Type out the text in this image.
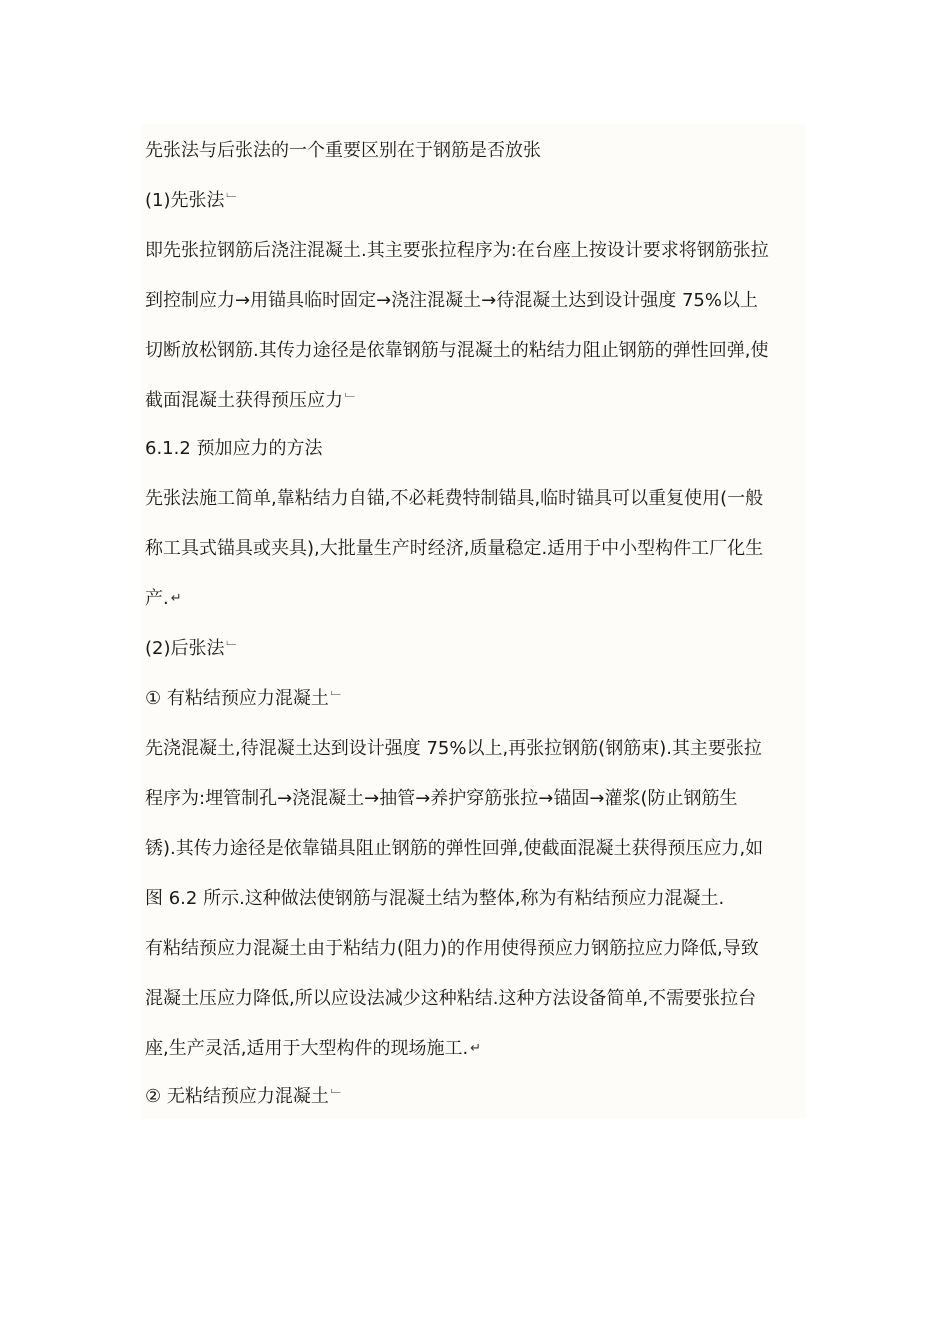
先张法与后张法的一个重要区别在于钢筋是否放张
(1)先张法 ﹂
即先张拉钢筋后浇注混凝土.其主要张拉程序为:在台座上按设计要求将钢筋张拉
到控制应力→用锚具临时固定→浇注混凝土→待混凝土达到设计强度 75%以上
切断放松钢筋.其传力途径是依靠钢筋与混凝土的粘结力阻止钢筋的弹性回弹,使
截面混凝土获得预压应力 ﹂
6.1.2 预加应力的方法
先张法施工简单,靠粘结力自锚,不必耗费特制锚具,临时锚具可以重复使用(一般
称工具式锚具或夹具),大批量生产时经济,质量稳定.适用于中小型构件工厂化生
产. ↵
(2)后张法 ﹂
① 有粘结预应力混凝土 ﹂
先浇混凝土,待混凝土达到设计强度 75%以上,再张拉钢筋(钢筋束).其主要张拉
程序为:埋管制孔→浇混凝土→抽管→养护穿筋张拉→锚固→灌浆(防止钢筋生
锈).其传力途径是依靠锚具阻止钢筋的弹性回弹,使截面混凝土获得预压应力,如
图 6.2 所示.这种做法使钢筋与混凝土结为整体,称为有粘结预应力混凝土.
有粘结预应力混凝土由于粘结力(阻力)的作用使得预应力钢筋拉应力降低,导致
混凝土压应力降低,所以应设法减少这种粘结.这种方法设备简单,不需要张拉台
座,生产灵活,适用于大型构件的现场施工. ↵
② 无粘结预应力混凝土 ﹂
